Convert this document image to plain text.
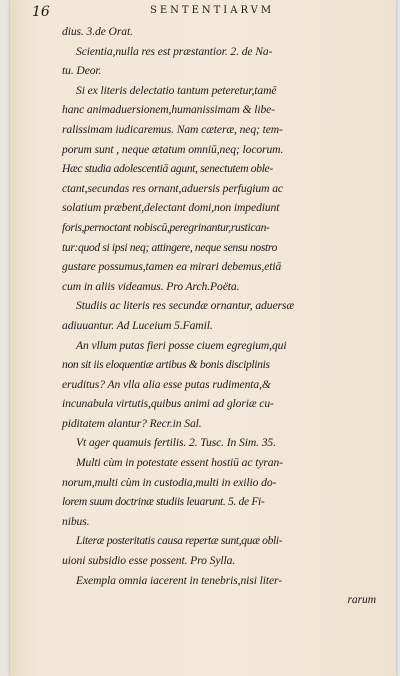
16	SENTENTIARVM
dius. 3.de Orat.
Scientia,nulla res est præstantior. 2. de Na-
tu. Deor.
Si ex literis delectatio tantum peteretur,tamē
hanc animaduersionem,humanissimam & libe-
ralissimam iudicaremus. Nam cæteræ, neq; tem-
porum sunt , neque ætatum omniū,neq; locorum.
Hæc studia adolescentiā agunt, senectutem oble-
ctant,secundas res ornant,aduersis perfugium ac
solatium præbent,delectant domi,non impediunt
foris,pernoctant nobiscū,peregrinantur,rustican-
tur:quod si ipsi neq; attingere, neque sensu nostro
gustare possumus,tamen ea mirari debemus,etiā
cum in aliis videamus. Pro Arch.Poëta.
Studiis ac literis res secundæ ornantur, aduersæ
adiuuantur. Ad Luceium 5.Famil.
An vllum putas fieri posse ciuem egregium,qui
non sit iis eloquentiæ artibus & bonis disciplinis
eruditus? An vlla alia esse putas rudimenta,&
incunabula virtutis,quibus animi ad gloriæ cu-
piditatem alantur? Recr.in Sal.
Vt ager quamuis fertilis. 2. Tusc. In Sim. 35.
Multi cùm in potestate essent hostiū ac tyran-
norum,multi cùm in custodia,multi in exilio do-
lorem suum doctrinæ studiis leuarunt. 5. de Fi-
nibus.
Literæ posteritatis causa repertæ sunt,quæ obli-
uioni subsidio esse possent. Pro Sylla.
Exempla omnia iacerent in tenebris,nisi liter-
rarum
